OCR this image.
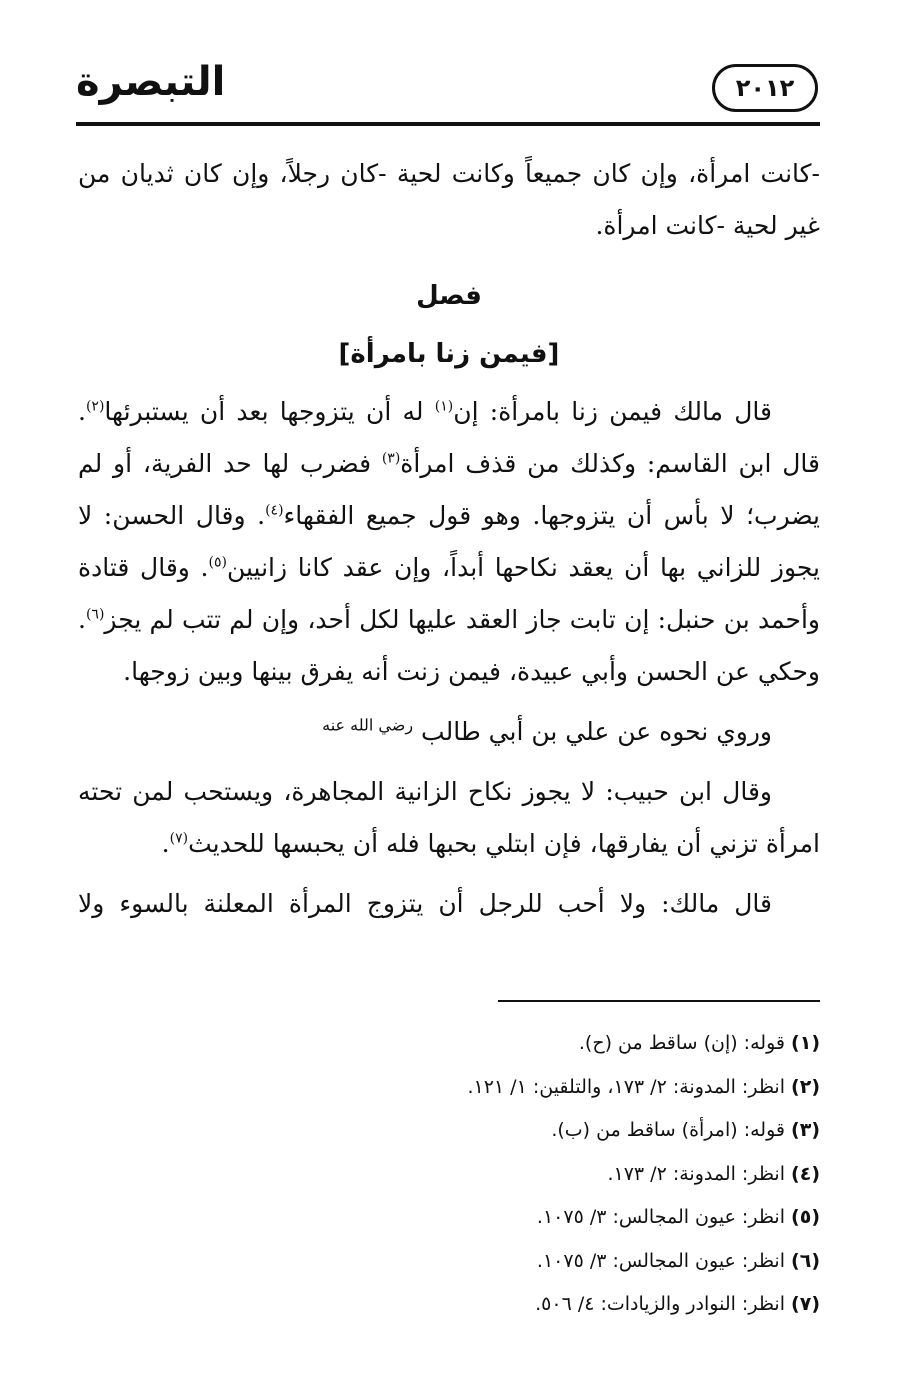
التبصرة	٢٠١٢

-كانت امرأة، وإن كان جميعاً وكانت لحية -كان رجلاً، وإن كان ثديان من غير لحية -كانت امرأة.

فصل
[فيمن زنا بامرأة]

قال مالك فيمن زنا بامرأة: إن$^{(١)}$ له أن يتزوجها بعد أن يستبرئها$^{(٢)}$. قال ابن القاسم: وكذلك من قذف امرأة$^{(٣)}$ فضرب لها حد الفرية، أو لم يضرب؛ لا بأس أن يتزوجها. وهو قول جميع الفقهاء$^{(٤)}$. وقال الحسن: لا يجوز للزاني بها أن يعقد نكاحها أبداً، وإن عقد كانا زانيين$^{(٥)}$. وقال قتادة وأحمد بن حنبل: إن تابت جاز العقد عليها لكل أحد، وإن لم تتب لم يجز$^{(٦)}$. وحكي عن الحسن وأبي عبيدة، فيمن زنت أنه يفرق بينها وبين زوجها.

وروي نحوه عن علي بن أبي طالب $^{رضي الله عنه}$

وقال ابن حبيب: لا يجوز نكاح الزانية المجاهرة، ويستحب لمن تحته امرأة تزني أن يفارقها، فإن ابتلي بحبها فله أن يحبسها للحديث$^{(٧)}$.

قال مالك: ولا أحب للرجل أن يتزوج المرأة المعلنة بالسوء ولا

(١) قوله: (إن) ساقط من (ح).

(٢) انظر: المدونة: ٢/ ١٧٣، والتلقين: ١/ ١٢١.

(٣) قوله: (امرأة) ساقط من (ب).

(٤) انظر: المدونة: ٢/ ١٧٣.

(٥) انظر: عيون المجالس: ٣/ ١٠٧٥.

(٦) انظر: عيون المجالس: ٣/ ١٠٧٥.

(٧) انظر: النوادر والزيادات: ٤/ ٥٠٦.
